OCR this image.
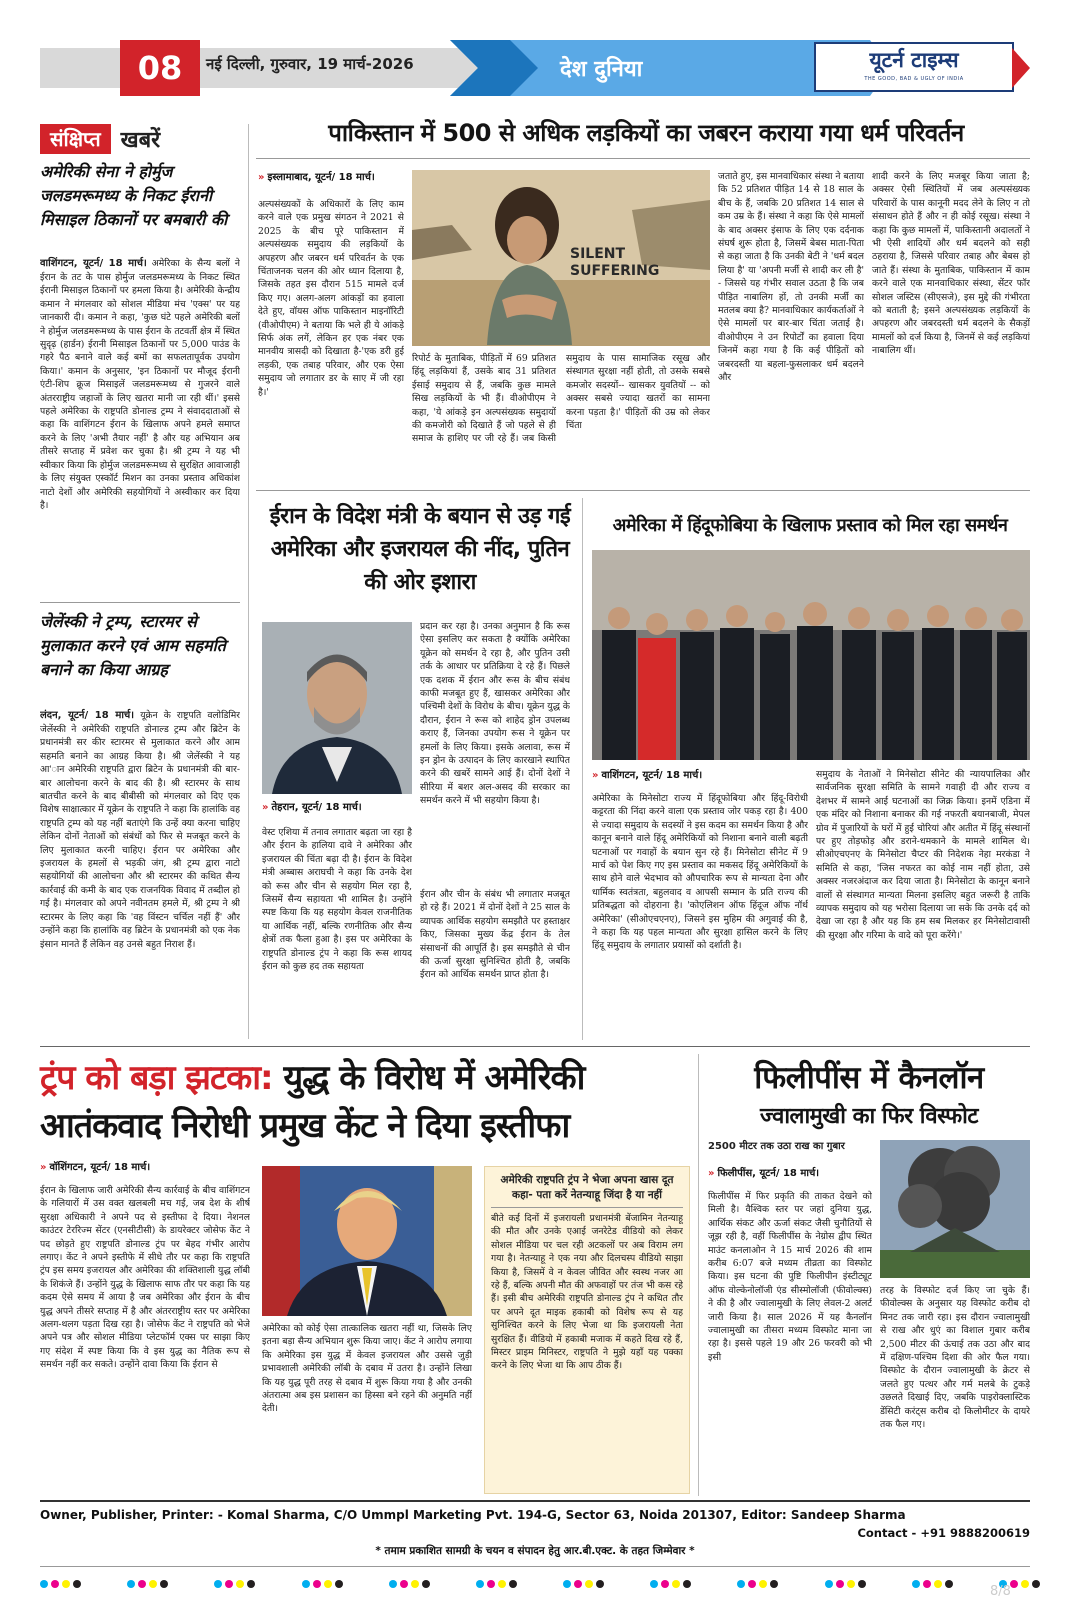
08 नई दिल्ली, गुरुवार, 19 मार्च-2026	देश दुनिया	यूटर्न टाइम्स
THE GOOD, BAD & UGLY OF INDIA
संक्षिप्त खबरें
अमेरिकी सेना ने होर्मुज जलडमरूमध्य के निकट ईरानी मिसाइल ठिकानों पर बमबारी की
वाशिंगटन, यूटर्न/ 18 मार्च। अमेरिका के सैन्य बलों ने ईरान के तट के पास होर्मुज जलडमरूमध्य के निकट स्थित ईरानी मिसाइल ठिकानों पर हमला किया है। अमेरिकी केन्द्रीय कमान ने मंगलवार को सोशल मीडिया मंच 'एक्स' पर यह जानकारी दी। कमान ने कहा, 'कुछ घंटे पहले अमेरिकी बलों ने होर्मुज जलडमरूमध्य के पास ईरान के तटवर्ती क्षेत्र में स्थित सुदृढ़ (हार्डन) ईरानी मिसाइल ठिकानों पर 5,000 पाउंड के गहरे पैठ बनाने वाले कई बमों का सफलतापूर्वक उपयोग किया।' कमान के अनुसार, 'इन ठिकानों पर मौजूद ईरानी एंटी-शिप क्रूज मिसाइलें जलडमरूमध्य से गुजरने वाले अंतरराष्ट्रीय जहाजों के लिए खतरा मानी जा रही थीं।' इससे पहले अमेरिका के राष्ट्रपति डोनाल्ड ट्रम्प ने संवाददाताओं से कहा कि वाशिंगटन ईरान के खिलाफ अपने हमले समाप्त करने के लिए 'अभी तैयार नहीं' है और यह अभियान अब तीसरे सप्ताह में प्रवेश कर चुका है। श्री ट्रम्प ने यह भी स्वीकार किया कि होर्मुज जलडमरूमध्य से सुरक्षित आवाजाही के लिए संयुक्त एस्कॉर्ट मिशन का उनका प्रस्ताव अधिकांश नाटो देशों और अमेरिकी सहयोगियों ने अस्वीकार कर दिया है।
जेलेंस्की ने ट्रम्प, स्टारमर से मुलाकात करने एवं आम सहमति बनाने का किया आग्रह
लंदन, यूटर्न/ 18 मार्च। यूक्रेन के राष्ट्रपति वलोडिमिर जेलेंस्की ने अमेरिकी राष्ट्रपति डोनाल्ड ट्रम्प और ब्रिटेन के प्रधानमंत्री सर कीर स्टारमर से मुलाकात करने और आम सहमति बनाने का आग्रह किया है। श्री जेलेंस्की ने यह आ'ान अमेरिकी राष्ट्रपति द्वारा ब्रिटेन के प्रधानमंत्री की बार-बार आलोचना करने के बाद की है। श्री स्टारमर के साथ बातचीत करने के बाद बीबीसी को मंगलवार को दिए एक विशेष साक्षात्कार में यूक्रेन के राष्ट्रपति ने कहा कि हालांकि वह राष्ट्रपति ट्रम्प को यह नहीं बताएंगे कि उन्हें क्या करना चाहिए लेकिन दोनों नेताओं को संबंधों को फिर से मजबूत करने के लिए मुलाकात करनी चाहिए। ईरान पर अमेरिका और इजरायल के हमलों से भड़की जंग, श्री ट्रम्प द्वारा नाटो सहयोगियों की आलोचना और श्री स्टारमर की कथित सैन्य कार्रवाई की कमी के बाद एक राजनयिक विवाद में तब्दील हो गई है। मंगलवार को अपने नवीनतम हमले में, श्री ट्रम्प ने श्री स्टारमर के लिए कहा कि 'वह विंस्टन चर्चिल नहीं हैं' और उन्होंने कहा कि हालांकि वह ब्रिटेन के प्रधानमंत्री को एक नेक इंसान मानते हैं लेकिन वह उनसे बहुत निराश हैं।
पाकिस्तान में 500 से अधिक लड़कियों का जबरन कराया गया धर्म परिवर्तन
» इस्लामाबाद, यूटर्न/ 18 मार्च।
अल्पसंख्यकों के अधिकारों के लिए काम करने वाले एक प्रमुख संगठन ने 2021 से 2025 के बीच पूरे पाकिस्तान में अल्पसंख्यक समुदाय की लड़कियों के अपहरण और जबरन धर्म परिवर्तन के एक चिंताजनक चलन की ओर ध्यान दिलाया है, जिसके तहत इस दौरान 515 मामले दर्ज किए गए। अलग-अलग आंकड़ों का हवाला देते हुए, वॉयस ऑफ पाकिस्तान माइनॉरिटी (वीओपीएम) ने बताया कि भले ही ये आंकड़े सिर्फ अंक लगें, लेकिन हर एक नंबर एक मानवीय त्रासदी को दिखाता है-'एक डरी हुई लड़की, एक तबाह परिवार, और एक ऐसा समुदाय जो लगातार डर के साए में जी रहा है।'
SILENT SUFFERING
रिपोर्ट के मुताबिक, पीड़ितों में 69 प्रतिशत हिंदू लड़कियां हैं, उसके बाद 31 प्रतिशत ईसाई समुदाय से हैं, जबकि कुछ मामले सिख लड़कियों के भी हैं। वीओपीएम ने कहा, 'ये आंकड़े इन अल्पसंख्यक समुदायों की कमजोरी को दिखाते हैं जो पहले से ही समाज के हाशिए पर जी रहे हैं। जब किसी समुदाय के पास सामाजिक रसूख और संस्थागत सुरक्षा नहीं होती, तो उसके सबसे कमजोर सदस्यों-- खासकर युवतियों -- को अक्सर सबसे ज्यादा खतरों का सामना करना पड़ता है।' पीड़ितों की उम्र को लेकर चिंता
जताते हुए, इस मानवाधिकार संस्था ने बताया कि 52 प्रतिशत पीड़ित 14 से 18 साल के बीच के हैं, जबकि 20 प्रतिशत 14 साल से कम उम्र के हैं। संस्था ने कहा कि ऐसे मामलों के बाद अक्सर इंसाफ के लिए एक दर्दनाक संघर्ष शुरू होता है, जिसमें बेबस माता-पिता से कहा जाता है कि उनकी बेटी ने 'धर्म बदल लिया है' या 'अपनी मर्जी से शादी कर ली है' - जिससे यह गंभीर सवाल उठता है कि जब पीड़ित नाबालिग हों, तो उनकी मर्जी का मतलब क्या है? मानवाधिकार कार्यकर्ताओं ने ऐसे मामलों पर बार-बार चिंता जताई है। वीओपीएम ने उन रिपोर्टों का हवाला दिया जिनमें कहा गया है कि कई पीड़ितों को जबरदस्ती या बहला-फुसलाकर धर्म बदलने और
शादी करने के लिए मजबूर किया जाता है; अक्सर ऐसी स्थितियों में जब अल्पसंख्यक परिवारों के पास कानूनी मदद लेने के लिए न तो संसाधन होते हैं और न ही कोई रसूख। संस्था ने कहा कि कुछ मामलों में, पाकिस्तानी अदालतों ने भी ऐसी शादियों और धर्म बदलने को सही ठहराया है, जिससे परिवार तबाह और बेबस हो जाते हैं। संस्था के मुताबिक, पाकिस्तान में काम करने वाले एक मानवाधिकार संस्था, सेंटर फॉर सोशल जस्टिस (सीएसजे), इस मुद्दे की गंभीरता को बताती है; इसने अल्पसंख्यक लड़कियों के अपहरण और जबरदस्ती धर्म बदलने के सैकड़ों मामलों को दर्ज किया है, जिनमें से कई लड़कियां नाबालिग थीं।
ईरान के विदेश मंत्री के बयान से उड़ गई अमेरिका और इजरायल की नींद, पुतिन की ओर इशारा
» तेहरान, यूटर्न/ 18 मार्च।
प्रदान कर रहा है। उनका अनुमान है कि रूस ऐसा इसलिए कर सकता है क्योंकि अमेरिका यूक्रेन को समर्थन दे रहा है, और पुतिन उसी तर्क के आधार पर प्रतिक्रिया दे रहे हैं। पिछले एक दशक में ईरान और रूस के बीच संबंध काफी मजबूत हुए हैं, खासकर अमेरिका और पश्चिमी देशों के विरोध के बीच। यूक्रेन युद्ध के दौरान, ईरान ने रूस को शाहेद ड्रोन उपलब्ध कराए हैं, जिनका उपयोग रूस ने यूक्रेन पर हमलों के लिए किया। इसके अलावा, रूस में इन ड्रोन के उत्पादन के लिए कारखाने स्थापित करने की खबरें सामने आई हैं। दोनों देशों ने सीरिया में बशर अल-असद की सरकार का समर्थन करने में भी सहयोग किया है।
वेस्ट एशिया में तनाव लगातार बढ़ता जा रहा है और ईरान के हालिया दावे ने अमेरिका और इजरायल की चिंता बढ़ा दी है। ईरान के विदेश मंत्री अब्बास अराघची ने कहा कि उनके देश को रूस और चीन से सहयोग मिल रहा है, जिसमें सैन्य सहायता भी शामिल है। उन्होंने स्पष्ट किया कि यह सहयोग केवल राजनीतिक या आर्थिक नहीं, बल्कि रणनीतिक और सैन्य क्षेत्रों तक फैला हुआ है। इस पर अमेरिका के राष्ट्रपति डोनाल्ड ट्रंप ने कहा कि रूस शायद ईरान को कुछ हद तक सहायता
ईरान और चीन के संबंध भी लगातार मजबूत हो रहे हैं। 2021 में दोनों देशों ने 25 साल के व्यापक आर्थिक सहयोग समझौते पर हस्ताक्षर किए, जिसका मुख्य केंद्र ईरान के तेल संसाधनों की आपूर्ति है। इस समझौते से चीन की ऊर्जा सुरक्षा सुनिश्चित होती है, जबकि ईरान को आर्थिक समर्थन प्राप्त होता है।
अमेरिका में हिंदूफोबिया के खिलाफ प्रस्ताव को मिल रहा समर्थन
» वाशिंगटन, यूटर्न/ 18 मार्च।
अमेरिका के मिनेसोटा राज्य में हिंदूफोबिया और हिंदू-विरोधी कट्टरता की निंदा करने वाला एक प्रस्ताव जोर पकड़ रहा है। 400 से ज्यादा समुदाय के सदस्यों ने इस कदम का समर्थन किया है और कानून बनाने वाले हिंदू अमेरिकियों को निशाना बनाने वाली बढ़ती घटनाओं पर गवाहों के बयान सुन रहे हैं। मिनेसोटा सीनेट में 9 मार्च को पेश किए गए इस प्रस्ताव का मकसद हिंदू अमेरिकियों के साथ होने वाले भेदभाव को औपचारिक रूप से मान्यता देना और धार्मिक स्वतंत्रता, बहुलवाद व आपसी सम्मान के प्रति राज्य की प्रतिबद्धता को दोहराना है। 'कोएलिशन ऑफ हिंदूज ऑफ नॉर्थ अमेरिका' (सीओएचएनए), जिसने इस मुहिम की अगुवाई की है, ने कहा कि यह पहल मान्यता और सुरक्षा हासिल करने के लिए हिंदू समुदाय के लगातार प्रयासों को दर्शाती है।
समुदाय के नेताओं ने मिनेसोटा सीनेट की न्यायपालिका और सार्वजनिक सुरक्षा समिति के सामने गवाही दी और राज्य व देशभर में सामने आई घटनाओं का जिक्र किया। इनमें एडिना में एक मंदिर को निशाना बनाकर की गई नफरती बयानबाजी, मेपल ग्रोव में पुजारियों के घरों में हुई चोरियां और अतीत में हिंदू संस्थानों पर हुए तोड़फोड़ और डराने-धमकाने के मामले शामिल थे। सीओएचएनए के मिनेसोटा चैप्टर की निदेशक नेहा मरकंडा ने समिति से कहा, 'जिस नफरत का कोई नाम नहीं होता, उसे अक्सर नजरअंदाज कर दिया जाता है। मिनेसोटा के कानून बनाने वालों से संस्थागत मान्यता मिलना इसलिए बहुत जरूरी है ताकि व्यापक समुदाय को यह भरोसा दिलाया जा सके कि उनके दर्द को देखा जा रहा है और यह कि हम सब मिलकर हर मिनेसोटावासी की सुरक्षा और गरिमा के वादे को पूरा करेंगे।'
ट्रंप को बड़ा झटका: युद्ध के विरोध में अमेरिकी आतंकवाद निरोधी प्रमुख केंट ने दिया इस्तीफा
» वॉशिंगटन, यूटर्न/ 18 मार्च।
ईरान के खिलाफ जारी अमेरिकी सैन्य कार्रवाई के बीच वाशिंगटन के गलियारों में उस वक्त खलबली मच गई, जब देश के शीर्ष सुरक्षा अधिकारी ने अपने पद से इस्तीफा दे दिया। नेशनल काउंटर टेररिज्म सेंटर (एनसीटीसी) के डायरेक्टर जोसेफ केंट ने पद छोड़ते हुए राष्ट्रपति डोनाल्ड ट्रंप पर बेहद गंभीर आरोप लगाए। केंट ने अपने इस्तीफे में सीधे तौर पर कहा कि राष्ट्रपति ट्रंप इस समय इजरायल और अमेरिका की शक्तिशाली युद्ध लॉबी के शिकंजे हैं। उन्होंने युद्ध के खिलाफ साफ तौर पर कहा कि यह कदम ऐसे समय में आया है जब अमेरिका और ईरान के बीच युद्ध अपने तीसरे सप्ताह में है और अंतरराष्ट्रीय स्तर पर अमेरिका अलग-थलग पड़ता दिख रहा है। जोसेफ केंट ने राष्ट्रपति को भेजे अपने पत्र और सोशल मीडिया प्लेटफॉर्म एक्स पर साझा किए गए संदेश में स्पष्ट किया कि वे इस युद्ध का नैतिक रूप से समर्थन नहीं कर सकते। उन्होंने दावा किया कि ईरान से
अमेरिका को कोई ऐसा तात्कालिक खतरा नहीं था, जिसके लिए इतना बड़ा सैन्य अभियान शुरू किया जाए। केंट ने आरोप लगाया कि अमेरिका इस युद्ध में केवल इजरायल और उससे जुड़ी प्रभावशाली अमेरिकी लॉबी के दबाव में उतरा है। उन्होंने लिखा कि यह युद्ध पूरी तरह से दबाव में शुरू किया गया है और उनकी अंतरात्मा अब इस प्रशासन का हिस्सा बने रहने की अनुमति नहीं देती।
अमेरिकी राष्ट्रपति ट्रंप ने भेजा अपना खास दूत कहा- पता करें नेतन्याहू जिंदा है या नहीं
बीते कई दिनों में इजरायली प्रधानमंत्री बेंजामिन नेतन्याहू की मौत और उनके एआई जनरेटेड वीडियो को लेकर सोशल मीडिया पर चल रही अटकलों पर अब विराम लग गया है। नेतन्याहू ने एक नया और दिलचस्प वीडियो साझा किया है, जिसमें वे न केवल जीवित और स्वस्थ नजर आ रहे हैं, बल्कि अपनी मौत की अफवाहों पर तंज भी कस रहे हैं। इसी बीच अमेरिकी राष्ट्रपति डोनाल्ड ट्रंप ने कथित तौर पर अपने दूत माइक हकाबी को विशेष रूप से यह सुनिश्चित करने के लिए भेजा था कि इजरायली नेता सुरक्षित हैं। वीडियो में हकाबी मजाक में कहते दिख रहे हैं, मिस्टर प्राइम मिनिस्टर, राष्ट्रपति ने मुझे यहाँ यह पक्का करने के लिए भेजा था कि आप ठीक हैं।
फिलीपींस में कैनलॉन
ज्वालामुखी का फिर विस्फोट
2500 मीटर तक उठा राख का गुबार
» फिलीपींस, यूटर्न/ 18 मार्च।
फिलीपींस में फिर प्रकृति की ताकत देखने को मिली है। वैश्विक स्तर पर जहां दुनिया युद्ध, आर्थिक संकट और ऊर्जा संकट जैसी चुनौतियों से जूझ रही है, वहीं फिलीपींस के नेग्रोस द्वीप स्थित माउंट कनलाओन ने 15 मार्च 2026 की शाम करीब 6:07 बजे मध्यम तीव्रता का विस्फोट किया। इस घटना की पुष्टि फिलीपीन इंस्टीट्यूट ऑफ वोल्केनोलॉजी एंड सीस्मोलॉजी (फीवोल्क्स) ने की है और ज्वालामुखी के लिए लेवल-2 अलर्ट जारी किया है। साल 2026 में यह कैनलॉन ज्वालामुखी का तीसरा मध्यम विस्फोट माना जा रहा है। इससे पहले 19 और 26 फरवरी को भी इसी
तरह के विस्फोट दर्ज किए जा चुके हैं। फीवोल्क्स के अनुसार यह विस्फोट करीब दो मिनट तक जारी रहा। इस दौरान ज्वालामुखी से राख और धुएं का विशाल गुबार करीब 2,500 मीटर की ऊंचाई तक उठा और बाद में दक्षिण-पश्चिम दिशा की ओर फैल गया। विस्फोट के दौरान ज्वालामुखी के क्रेटर से जलते हुए पत्थर और गर्म मलबे के टुकड़े उछलते दिखाई दिए, जबकि पाइरोक्लास्टिक डेंसिटी करंट्स करीब दो किलोमीटर के दायरे तक फैल गए।
Owner, Publisher, Printer: - Komal Sharma, C/O Ummpl Marketing Pvt. 194-G, Sector 63, Noida 201307, Editor: Sandeep Sharma
Contact - +91 9888200619
* तमाम प्रकाशित सामग्री के चयन व संपादन हेतु आर.बी.एक्ट. के तहत जिम्मेवार *
8/8
